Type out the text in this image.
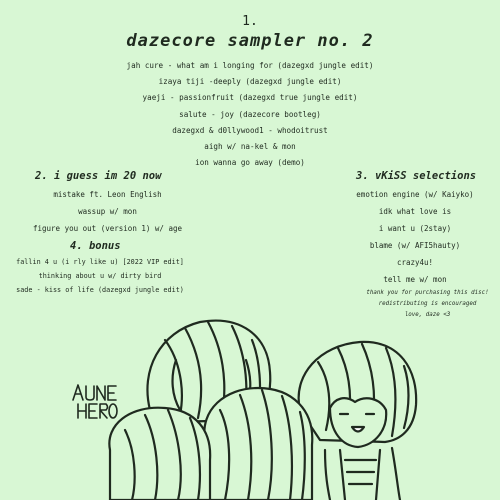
1.
dazecore sampler no. 2
jah cure - what am i longing for (dazegxd jungle edit)
izaya tiji -deeply (dazegxd jungle edit)
yaeji - passionfruit (dazegxd true jungle edit)
salute - joy (dazecore bootleg)
dazegxd & d0llywood1 - whodoitrust
aigh w/ na-kel & mon
ion wanna go away (demo)
2. i guess im 20 now
mistake ft. Leon English
wassup w/ mon
figure you out (version 1) w/ age
3. vKiSS selections
emotion engine (w/ Kaiyko)
idk what love is
i want u (2stay)
blame (w/ AFI5hauty)
crazy4u!
tell me w/ mon
4. bonus
fallin 4 u (i rly like u) [2022 VIP edit]
thinking about u w/ dirty bird
sade - kiss of life (dazegxd jungle edit)	thank you for purchasing this disc!
redistributing is encouraged
love, daze <3
